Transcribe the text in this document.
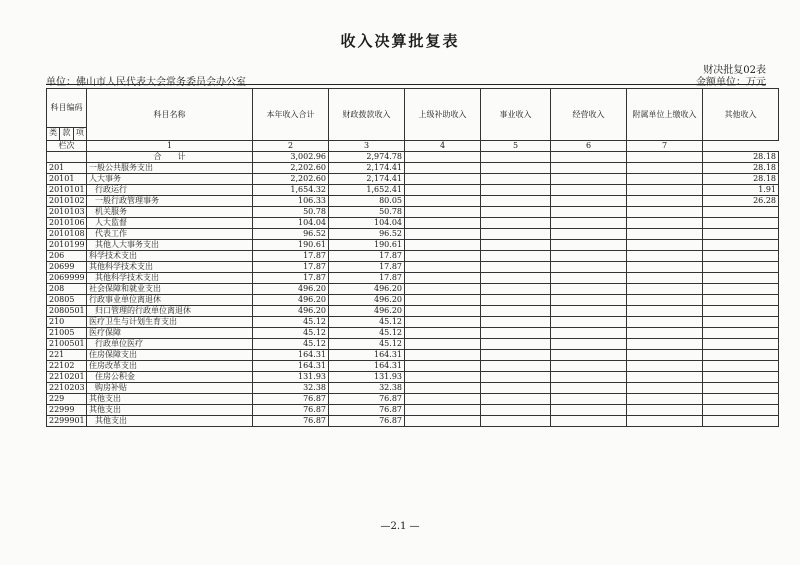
收入决算批复表
财决批复02表
单位：佛山市人民代表大会常务委员会办公室	金额单位：万元
科目编码	科目名称	本年收入合计	财政拨款收入	上级补助收入	事业收入	经营收入	附属单位上缴收入	其他收入

类 款 项								

栏次	1	2	3	4	5	6	7	
	合　　计	3,002.96	2,974.78					28.18
201	一般公共服务支出	2,202.60	2,174.41					28.18
20101	人大事务	2,202.60	2,174.41					28.18
2010101	行政运行	1,654.32	1,652.41					1.91
2010102	一般行政管理事务	106.33	80.05					26.28
2010103	机关服务	50.78	50.78					
2010106	人大监督	104.04	104.04					
2010108	代表工作	96.52	96.52					
2010199	其他人大事务支出	190.61	190.61					
206	科学技术支出	17.87	17.87					
20699	其他科学技术支出	17.87	17.87					
2069999	其他科学技术支出	17.87	17.87					
208	社会保障和就业支出	496.20	496.20					
20805	行政事业单位离退休	496.20	496.20					
2080501	归口管理的行政单位离退休	496.20	496.20					
210	医疗卫生与计划生育支出	45.12	45.12					
21005	医疗保障	45.12	45.12					
2100501	行政单位医疗	45.12	45.12					
221	住房保障支出	164.31	164.31					
22102	住房改革支出	164.31	164.31					
2210201	住房公积金	131.93	131.93					
2210203	购房补贴	32.38	32.38					
229	其他支出	76.87	76.87					
22999	其他支出	76.87	76.87					
2299901	其他支出	76.87	76.87					
—2.1 —
